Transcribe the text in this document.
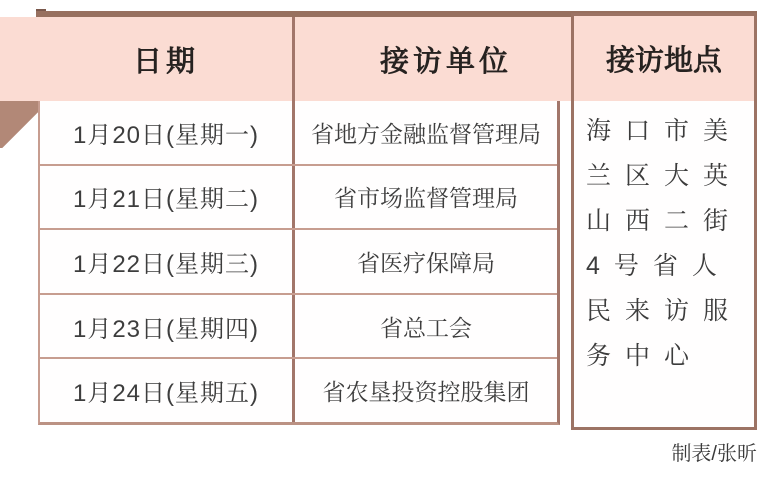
日期	接访单位
1月20日(星期一)	省地方金融监督管理局
1月21日(星期二)	省市场监督管理局
1月22日(星期三)	省医疗保障局
1月23日(星期四)	省总工会
1月24日(星期五)	省农垦投资控股集团
接访地点
海口市美兰区大英山西二街4号省人民来访服务中心
制表/张昕
